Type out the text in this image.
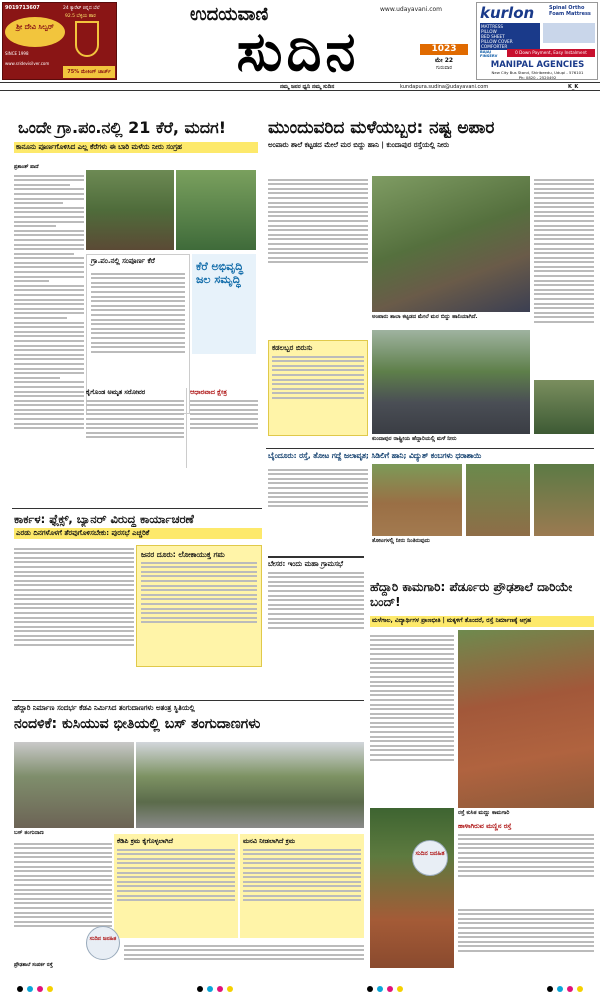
9019713607
ಶ್ರೀ ದೇವಿ ಸಿಲ್ವರ್
24 ಕ್ಯಾರೆಟ್ ಚಿನ್ನದ ಬೆಲೆ
92.5 ಬೆಳ್ಳಿಯ ಹಾರ
SINCE 1998
www.sridevisilver.com
75% ಮೇಕಿಂಗ್ ಚಾರ್ಜ್
ಉದಯವಾಣಿ	www.udayavani.com
ಸುದಿನ	1023
ಮೇ 22
ಗುರುವಾರ
kurlon	Spinal Ortho Foam Mattress
MATTRESS
PILLOW
BED SHEET
PILLOW COVER
COMFORTER
BAJAJ FINSERV
0 Down Payment, Easy Instalment
MANIPAL AGENCIES
New City Bus Stand, Shiribeedu, Udupi - 576101
Ph: 0820 - 2520492
ನಮ್ಮ ಜನರ ಧ್ವನಿ ನಮ್ಮ ಸುದಿನ	kundapura.sudina@udayavani.com	K_K
ಒಂದೇ ಗ್ರಾ.ಪಂ.ನಲ್ಲಿ 21 ಕೆರೆ, ಮದಗ!
ಕಾನೂನು ಪೂರ್ಣಗೊಳಿಸಿದ ಎಲ್ಲ ಕೆರೆಗಳು ಈ ಬಾರಿ ಮಳೆಯ ನೀರು ಸಂಗ್ರಹ
ಪ್ರಶಾಂತ್ ಪಾದೆ
ಗ್ರಾ.ಪಂ.ನಲ್ಲಿ ಸಂಪೂರ್ಣ ಕೆರೆ	ಕೆರೆ ಅಭಿವೃದ್ಧಿ ಜಲ ಸಮೃದ್ಧಿ
ಕೈಗೊಂಡ ಅಮೃತ ಸರೋವರ	ಆಧಾರವಾದ ಕ್ಷೇತ್ರ
ಮುಂದುವರಿದ ಮಳೆಯಬ್ಬರ: ನಷ್ಟ ಅಪಾರ
ಅಂಪಾರು ಶಾಲೆ ಕಟ್ಟಡದ ಮೇಲೆ ಮರ ಬಿದ್ದು ಹಾನಿ | ಕುಂದಾಪುರ ರಸ್ತೆಯಲ್ಲಿ ನೀರು
ಅಂಪಾರು ಶಾಲಾ ಕಟ್ಟಡದ ಮೇಲೆ ಮರ ಬಿದ್ದು ಹಾನಿಯಾಗಿದೆ.
ಕಡಲಬ್ಬರ ಬಿರುಸು
ಕುಂದಾಪುರ ರಾಷ್ಟ್ರೀಯ ಹೆದ್ದಾರಿಯಲ್ಲಿ ಮಳೆ ನೀರು
ಬೈಂದೂರು: ರಸ್ತೆ, ತೋಟ ಗದ್ದೆ ಜಲಾವೃತ; ಸಿಡಿಲಿಗೆ ಹಾನಿ; ವಿದ್ಯುತ್ ಕಂಬಗಳು ಧರಾಶಾಯಿ
ತೋಟಗಳಲ್ಲಿ ನೀರು ನಿಂತಿರುವುದು
ಕಾರ್ಕಳ: ಫ್ಲೆಕ್ಸ್, ಬ್ಯಾನರ್ ವಿರುದ್ಧ ಕಾರ್ಯಾಚರಣೆ
ಎರಡು ದಿನಗಳೊಳಗೆ ತೆರವುಗೊಳಿಸಬೇಕು: ಪುರಸಭೆ ಎಚ್ಚರಿಕೆ
ಜನರ ದೂರು: ಲೋಕಾಯುಕ್ತ ಗಮ
ಬೇಸರ: ಇಂದು ಮಹಾ ಗ್ರಾಮಸಭೆ
ಹೆದ್ದಾರಿ ಕಾಮಗಾರಿ: ಪೆರ್ಡೂರು ಪ್ರೌಢಶಾಲೆ ದಾರಿಯೇ ಬಂದ್!
ಮಳೆಗಾಲ, ವಿದ್ಯಾರ್ಥಿಗಳ ಪ್ರಾಣಭೀತಿ | ಮಕ್ಕಳಿಗೆ ತೊಂದರೆ, ರಸ್ತೆ ನಿರ್ಮಾಣಕ್ಕೆ ಆಗ್ರಹ
ರಸ್ತೆ ಕುಸಿತ ಮಣ್ಣು ಕಾಮಗಾರಿ
ಹಾಳಾಗಿರುವ ಮಣ್ಣಿನ ರಸ್ತೆ
ಸುದಿನ ಜನಹಿತ
ಹೆದ್ದಾರಿ ನಿರ್ಮಾಣ ಸಂದರ್ಭ ಕೆಡವಿ ನಿರ್ಮಿಸಿದ ತಂಗುದಾಣಗಳು ಅತಂತ್ರ ಸ್ಥಿತಿಯಲ್ಲಿ
ನಂದಳಿಕೆ: ಕುಸಿಯುವ ಭೀತಿಯಲ್ಲಿ ಬಸ್ ತಂಗುದಾಣಗಳು
ಬಸ್ ತಂಗುದಾಣ
ಕೆಡಿಪಿ ಕ್ರಮ ಕೈಗೊಳ್ಳಲಾಗಿದೆ	ಮನವಿ ನೀಡಲಾಗಿದೆ ಕ್ರಮ
ಸುದಿನ ಜನಹಿತ
ಪ್ರೌಢಶಾಲೆ ಸಂಪರ್ಕ ರಸ್ತೆ
